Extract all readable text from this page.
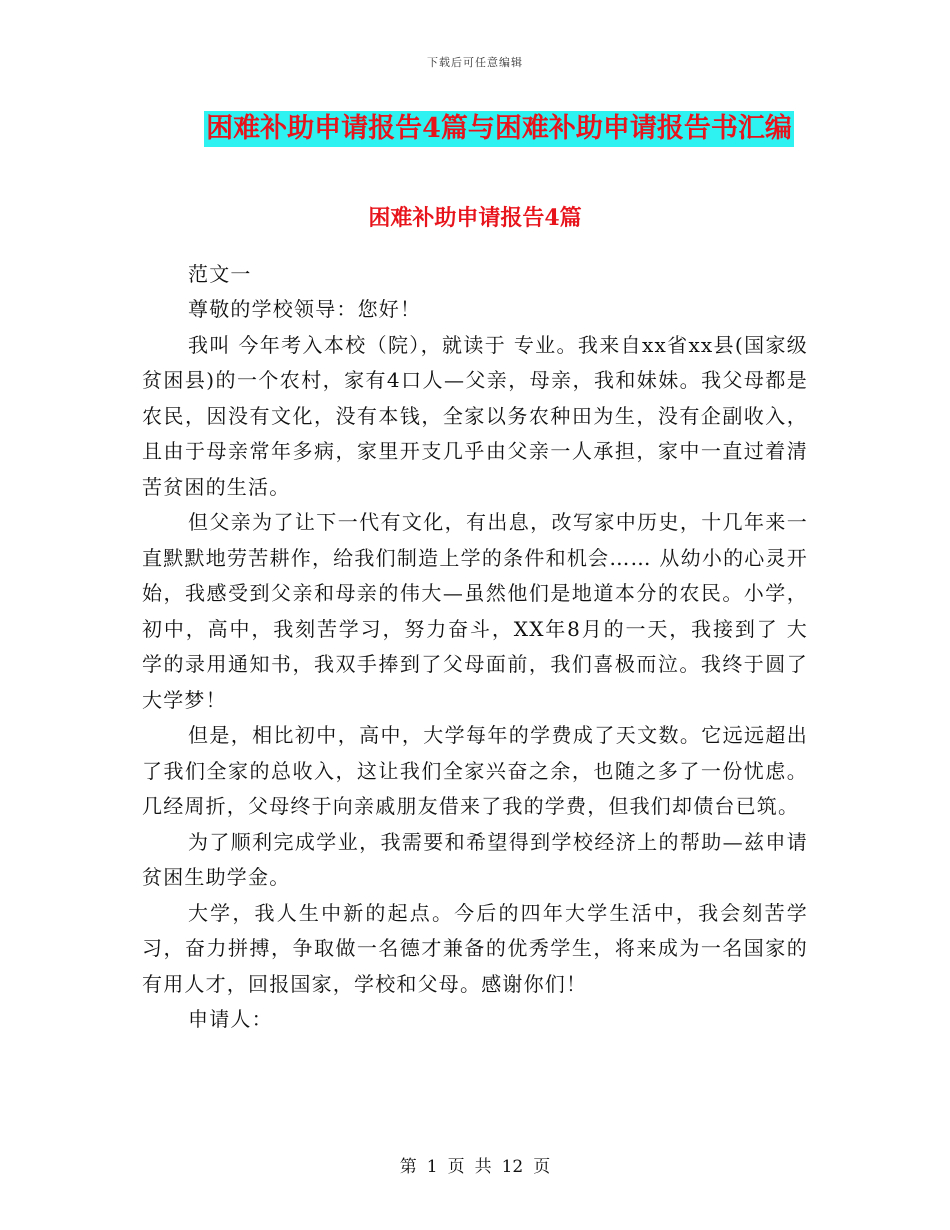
下载后可任意编辑
困难补助申请报告4篇与困难补助申请报告书汇编
困难补助申请报告4篇

范文一

尊敬的学校领导：您好！

我叫 今年考入本校（院），就读于 专业。我来自xx省xx县(国家级贫困县)的一个农村，家有4口人—父亲，母亲，我和妹妹。我父母都是农民，因没有文化，没有本钱，全家以务农种田为生，没有企副收入，且由于母亲常年多病，家里开支几乎由父亲一人承担，家中一直过着清苦贫困的生活。

但父亲为了让下一代有文化，有出息，改写家中历史，十几年来一直默默地劳苦耕作，给我们制造上学的条件和机会…… 从幼小的心灵开始，我感受到父亲和母亲的伟大—虽然他们是地道本分的农民。小学，初中，高中，我刻苦学习，努力奋斗，XX年8月的一天，我接到了 大学的录用通知书，我双手捧到了父母面前，我们喜极而泣。我终于圆了大学梦！

但是，相比初中，高中，大学每年的学费成了天文数。它远远超出了我们全家的总收入，这让我们全家兴奋之余，也随之多了一份忧虑。几经周折，父母终于向亲戚朋友借来了我的学费，但我们却债台已筑。

为了顺利完成学业，我需要和希望得到学校经济上的帮助—兹申请贫困生助学金。

大学，我人生中新的起点。今后的四年大学生活中，我会刻苦学习，奋力拼搏，争取做一名德才兼备的优秀学生，将来成为一名国家的有用人才，回报国家，学校和父母。感谢你们！

申请人：

第 1 页 共 12 页
